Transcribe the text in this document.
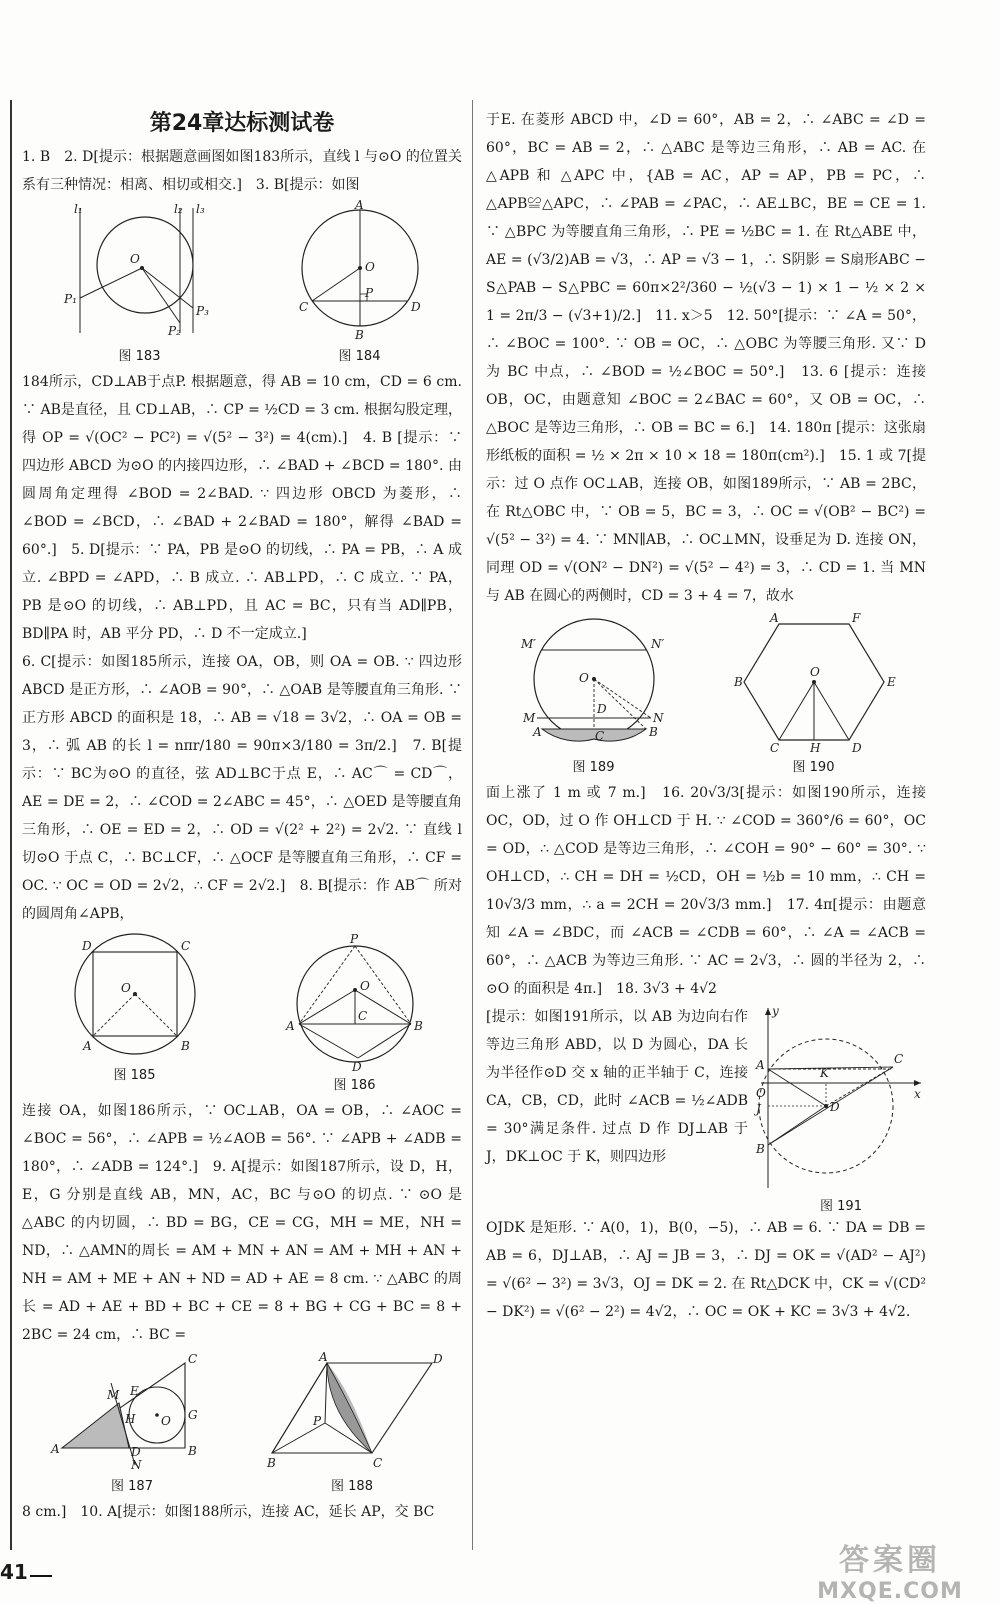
第24章达标测试卷

1. B　2. D[提示：根据题意画图如图183所示，直线 l 与⊙O 的位置关系有三种情况：相离、相切或相交.]　3. B[提示：如图

l₁	l₂ l₃
O
P₁
P₂
P₃
图 183
A
O
P
C	D
B
图 184

184所示，CD⊥AB于点P. 根据题意，得 AB = 10 cm，CD = 6 cm. ∵ AB是直径，且 CD⊥AB，∴ CP = ½CD = 3 cm. 根据勾股定理，得 OP = √(OC² − PC²) = √(5² − 3²) = 4(cm).]　4. B [提示：∵ 四边形 ABCD 为⊙O 的内接四边形，∴ ∠BAD + ∠BCD = 180°. 由圆周角定理得 ∠BOD = 2∠BAD. ∵ 四边形 OBCD 为菱形，∴ ∠BOD = ∠BCD，∴ ∠BAD + 2∠BAD = 180°，解得 ∠BAD = 60°.]　5. D[提示：∵ PA，PB 是⊙O 的切线，∴ PA = PB，∴ A 成立. ∠BPD = ∠APD，∴ B 成立. ∴ AB⊥PD，∴ C 成立. ∵ PA，PB 是⊙O 的切线，∴ AB⊥PD，且 AC = BC，只有当 AD∥PB，BD∥PA 时，AB 平分 PD，∴ D 不一定成立.]

6. C[提示：如图185所示，连接 OA，OB，则 OA = OB. ∵ 四边形 ABCD 是正方形，∴ ∠AOB = 90°，∴ △OAB 是等腰直角三角形. ∵ 正方形 ABCD 的面积是 18，∴ AB = √18 = 3√2，∴ OA = OB = 3，∴ 弧 AB 的长 l = nπr/180 = 90π×3/180 = 3π/2.]　7. B[提示：∵ BC为⊙O 的直径，弦 AD⊥BC于点 E，∴ AC⌒ = CD⌒，AE = DE = 2，∴ ∠COD = 2∠ABC = 45°，∴ △OED 是等腰直角三角形，∴ OE = ED = 2，∴ OD = √(2² + 2²) = 2√2. ∵ 直线 l 切⊙O 于点 C，∴ BC⊥CF，∴ △OCF 是等腰直角三角形，∴ CF = OC. ∵ OC = OD = 2√2，∴ CF = 2√2.]　8. B[提示：作 AB⌒ 所对的圆周角∠APB，

D	C
O
A	B
图 185
P
O
C
A	B
D
图 186

连接 OA，如图186所示，∵ OC⊥AB，OA = OB，∴ ∠AOC = ∠BOC = 56°，∴ ∠APB = ½∠AOB = 56°. ∵ ∠APB + ∠ADB = 180°，∴ ∠ADB = 124°.]　9. A[提示：如图187所示，设 D，H，E，G 分别是直线 AB，MN，AC，BC 与⊙O 的切点. ∵ ⊙O 是△ABC 的内切圆，∴ BD = BG，CE = CG，MH = ME，NH = ND，∴ △AMN的周长 = AM + MN + AN = AM + MH + AN + NH = AM + ME + AN + ND = AD + AE = 8 cm. ∵ △ABC 的周长 = AD + AE + BD + BC + CE = 8 + BG + CG + BC = 8 + 2BC = 24 cm，∴ BC =

A
C
B
G
M E
H O
N
D
图 187
A	D
B	C
P
图 188

8 cm.]　10. A[提示：如图188所示，连接 AC，延长 AP，交 BC

于E. 在菱形 ABCD 中，∠D = 60°，AB = 2，∴ ∠ABC = ∠D = 60°，BC = AB = 2，∴ △ABC 是等边三角形，∴ AB = AC. 在 △APB 和 △APC 中，{AB = AC，AP = AP，PB = PC，∴ △APB≌△APC，∴ ∠PAB = ∠PAC，∴ AE⊥BC，BE = CE = 1. ∵ △BPC 为等腰直角三角形，∴ PE = ½BC = 1. 在 Rt△ABE 中，AE = (√3/2)AB = √3，∴ AP = √3 − 1，∴ S阴影 = S扇形ABC − S△PAB − S△PBC = 60π×2²/360 − ½(√3 − 1) × 1 − ½ × 2 × 1 = 2π/3 − (√3+1)/2.]　11. x＞5　12. 50°[提示：∵ ∠A = 50°，∴ ∠BOC = 100°. ∵ OB = OC，∴ △OBC 为等腰三角形. 又∵ D 为 BC 中点，∴ ∠BOD = ½∠BOC = 50°.]　13. 6 [提示：连接 OB，OC，由题意知 ∠BOC = 2∠BAC = 60°，又 OB = OC，∴ △BOC 是等边三角形，∴ OB = BC = 6.]　14. 180π [提示：这张扇形纸板的面积 = ½ × 2π × 10 × 18 = 180π(cm²).]　15. 1 或 7[提示：过 O 点作 OC⊥AB，连接 OB，如图189所示，∵ AB = 2BC，在 Rt△OBC 中，∵ OB = 5，BC = 3，∴ OC = √(OB² − BC²) = √(5² − 3²) = 4. ∵ MN∥AB，∴ OC⊥MN，设垂足为 D. 连接 ON，同理 OD = √(ON² − DN²) = √(5² − 4²) = 3，∴ CD = 1. 当 MN 与 AB 在圆心的两侧时，CD = 3 + 4 = 7，故水

M′	N′
O
D
M	N
A	C	B
图 189
A	F
B	E
O
C	H	D
图 190

面上涨了 1 m 或 7 m.]　16. 20√3/3[提示：如图190所示，连接 OC，OD，过 O 作 OH⊥CD 于 H. ∵ ∠COD = 360°/6 = 60°，OC = OD，∴ △COD 是等边三角形，∴ ∠COH = 90° − 60° = 30°. ∵ OH⊥CD，∴ CH = DH = ½CD，OH = ½b = 10 mm，∴ CH = 10√3/3 mm，∴ a = 2CH = 20√3/3 mm.]　17. 4π[提示：由题意知 ∠A = ∠BDC，而 ∠ACB = ∠CDB = 60°，∴ ∠A = ∠ACB = 60°，∴ △ACB 为等边三角形. ∵ AC = 2√3，∴ 圆的半径为 2，∴ ⊙O 的面积是 4π.]　18. 3√3 + 4√2

[提示：如图191所示，以 AB 为边向右作等边三角形 ABD，以 D 为圆心，DA 长为半径作⊙D 交 x 轴的正半轴于 C，连接 CA，CB，CD，此时 ∠ACB = ½∠ADB = 30°满足条件. 过点 D 作 DJ⊥AB 于 J，DK⊥OC 于 K，则四边形

y
x
A
O
J
B
K
D
C
图 191

OJDK 是矩形. ∵ A(0，1)，B(0，−5)，∴ AB = 6. ∵ DA = DB = AB = 6，DJ⊥AB，∴ AJ = JB = 3，∴ DJ = OK = √(AD² − AJ²) = √(6² − 3²) = 3√3，OJ = DK = 2. 在 Rt△DCK 中，CK = √(CD² − DK²) = √(6² − 2²) = 4√2，∴ OC = OK + KC = 3√3 + 4√2.

41	答案圈
MXQE.COM
